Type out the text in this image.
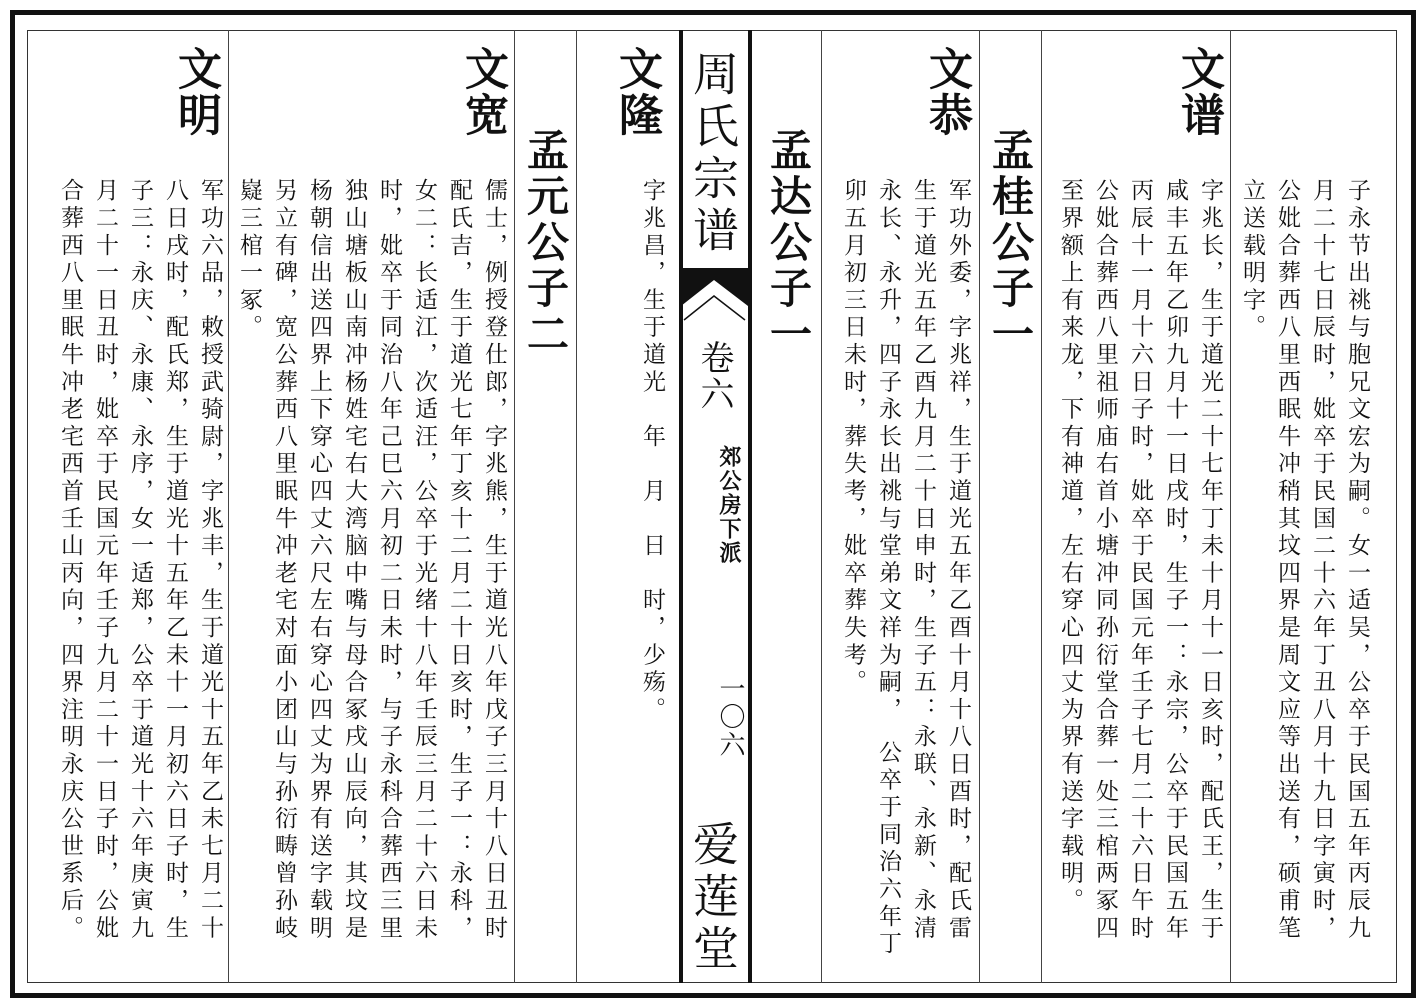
子永节出祧与胞兄文宏为嗣。女一适吴，公卒于民国五年丙辰九
月二十七日辰时，妣卒于民国二十六年丁丑八月十九日字寅时，
公妣合葬西八里西眠牛冲稍其坟四界是周文应等出送有，硕甫笔
立送载明字。
文谱
字兆长，生于道光二十七年丁未十月十一日亥时，配氏王，生于
咸丰五年乙卯九月十一日戌时，生子一：永宗，公卒于民国五年
丙辰十一月十六日子时，妣卒于民国元年壬子七月二十六日午时
公妣合葬西八里祖师庙右首小塘冲同孙衍堂合葬一处三棺两冢四
至界额上有来龙，下有神道，左右穿心四丈为界有送字载明。
孟桂公子一
文恭
军功外委，字兆祥，生于道光五年乙酉十月十八日酉时，配氏雷
生于道光五年乙酉九月二十日申时，生子五：永联、永新、永清
永长、永升，四子永长出祧与堂弟文祥为嗣，　公卒于同治六年丁
卯五月初三日未时，葬失考，妣卒葬失考。
孟达公子一
周氏宗谱
卷六
郊公房下派
一〇六
爱莲堂
文隆
字兆昌，生于道光　年　月　日　时，少殇。
孟元公子二
文宽
儒士，例授登仕郎，字兆熊，生于道光八年戊子三月十八日丑时
配氏吉，生于道光七年丁亥十二月二十日亥时，生子一：永科，
女二：长适江，次适汪，公卒于光绪十八年壬辰三月二十六日未
时，妣卒于同治八年己巳六月初二日未时，与子永科合葬西三里
独山塘板山南冲杨姓宅右大湾脑中嘴与母合冢戌山辰向，其坟是
杨朝信出送四界上下穿心四丈六尺左右穿心四丈为界有送字载明
另立有碑，宽公葬西八里眠牛冲老宅对面小团山与孙衍畴曾孙岐
嶷三棺一冢。
文明
军功六品，敕授武骑尉，字兆丰，生于道光十五年乙未七月二十
八日戌时，配氏郑，生于道光十五年乙未十一月初六日子时，生
子三：永庆、永康、永序，女一适郑，公卒于道光十六年庚寅九
月二十一日丑时，妣卒于民国元年壬子九月二十一日子时，公妣
合葬西八里眠牛冲老宅西首壬山丙向，四界注明永庆公世系后。
